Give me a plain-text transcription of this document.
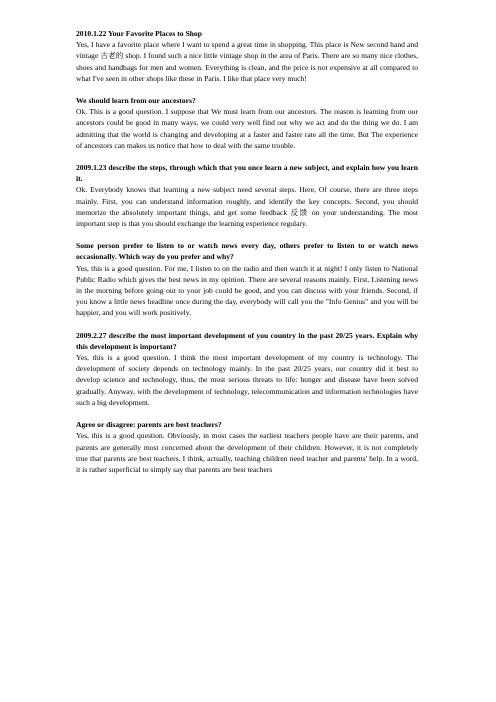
2010.1.22 Your Favorite Places to Shop
Yes, I have a favorite place where I want to spend a great time in shopping. This place is New second hand and vintage 古老的 shop. I found such a nice little vintage shop in the area of Paris. There are so many nice clothes, shoes and handbags for men and women. Everything is clean, and the price is not expensive at all compared to what I've seen in other shops like these in Paris. I like that place very much!
We should learn from our ancestors?
Ok. This is a good question. I suppose that We must learn from our ancestors. The reason is learning from our ancestors could be good in many ways, we could very well find out why we act and do the thing we do. I am admitting that the world is changing and developing at a faster and faster rate all the time. But The experience of ancestors can makes us notice that how to deal with the same trouble.
2009.1.23 describe the steps, through which that you once learn a new subject, and explain how you learn it.
Ok. Everybody knows that learning a new subject need several steps. Here, Of course, there are three steps mainly. First, you can understand information roughly, and identify the key concepts. Second, you should memorize the absolutely important things, and get some feedback 反馈 on your understanding. The most important step is that you should exchange the learning experience regulary.
Some person prefer to listen to or watch news every day, others prefer to listen to or watch news occasionally. Which way do you prefer and why?
Yes, this is a good question. For me, I listen to on the radio and then watch it at night! I only listen to National Public Radio which gives the best news in my opinion. There are several reasons mainly. First, Listening news in the morning before going out to your job could be good, and you can discuss with your friends. Second, if you know a little news headline once during the day, everybody will call you the "Info Genius" and you will be happier, and you will work positively.
2009.2.27 describe the most important development of you country in the past 20/25 years. Explain why this development is important?
Yes, this is a good question. I think the most important development of my country is technology. The development of society depends on technology mainly. In the past 20/25 years, our country did it best to develop science and technology, thus, the most serious threats to life: hunger and disease have been solved gradually. Anyway, with the development of technology, telecommunication and information technologies have such a big development.
Agree or disagree: parents are best teachers?
Yes, this is a good question. Obviously, in most cases the earliest teachers people have are their parents, and parents are generally most concerned about the development of their children. However, it is not completely true that parents are best teachers. I think, actually, teaching children need teacher and parents' help. In a word, it is rather superficial to simply say that parents are best teachers
